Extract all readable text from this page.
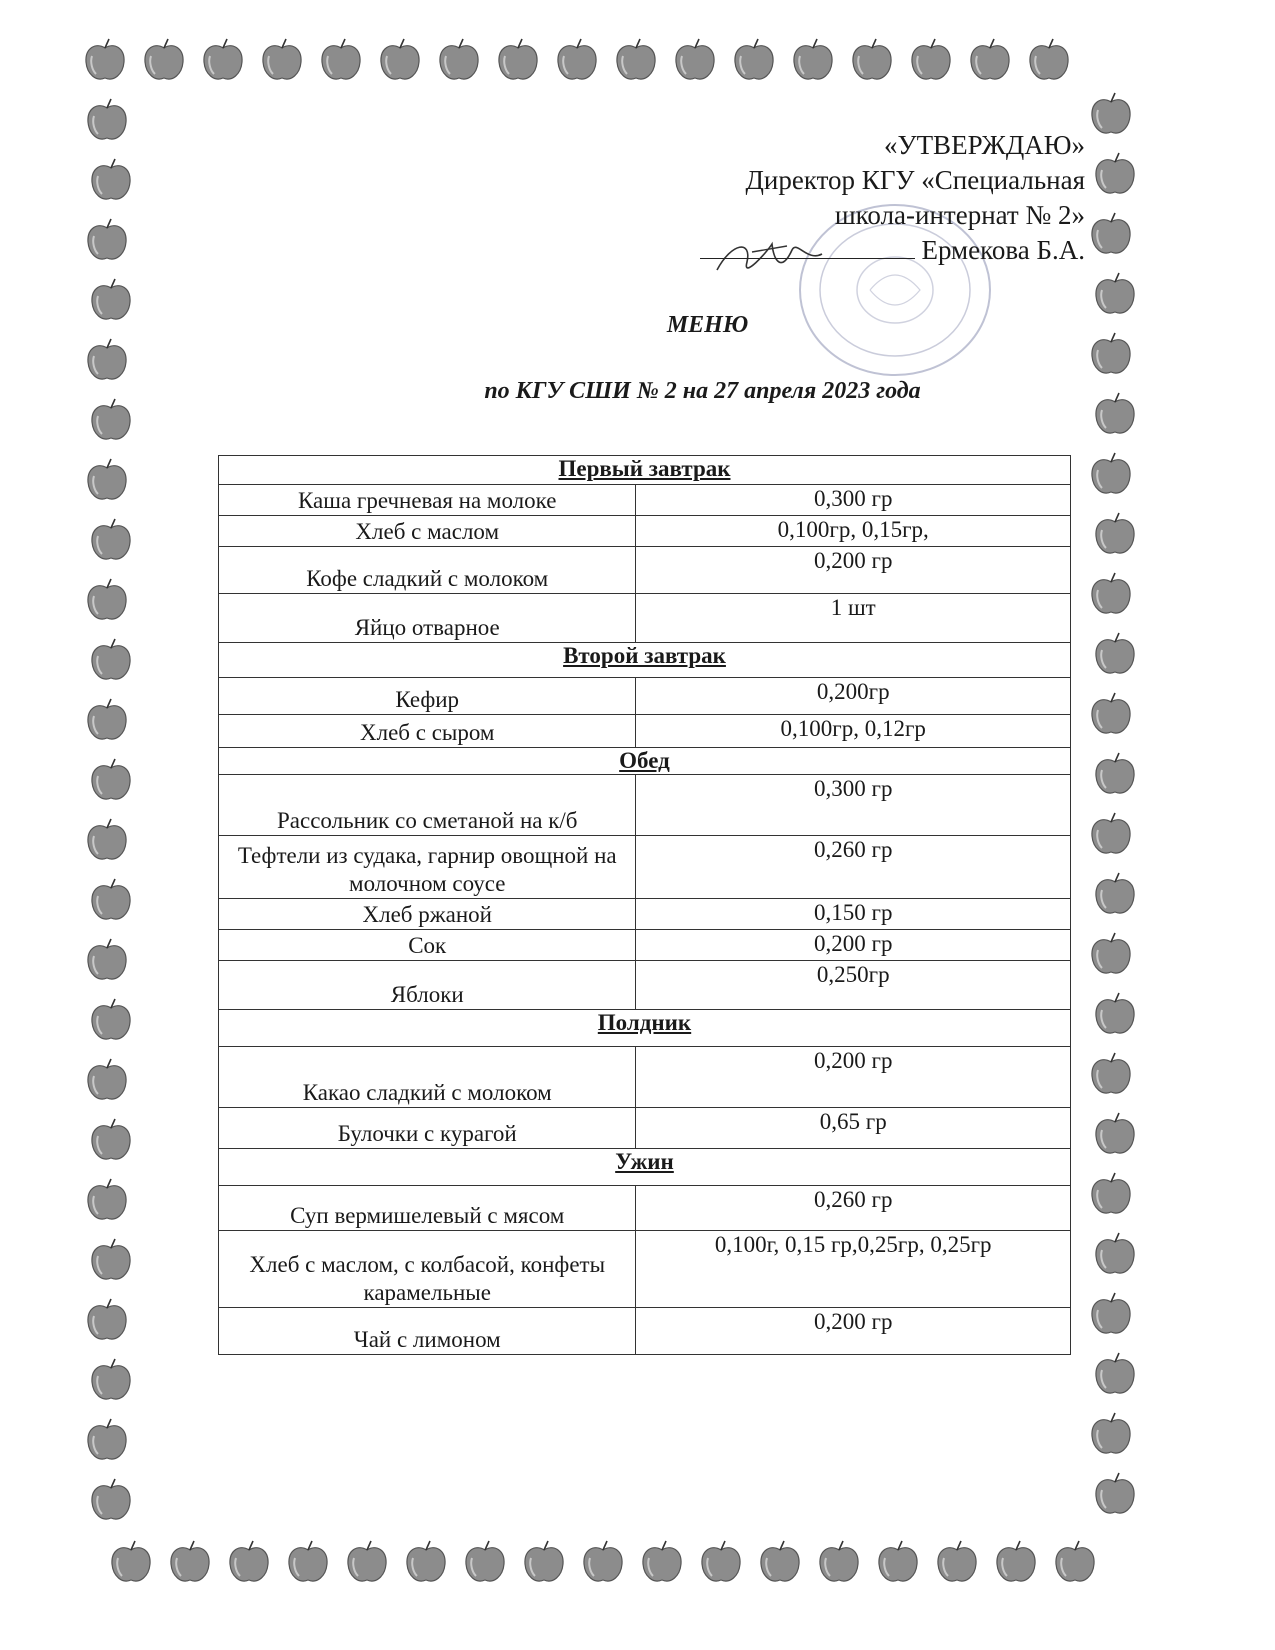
«УТВЕРЖДАЮ»
Директор КГУ «Специальная
школа-интернат № 2»
Ермекова Б.А.
МЕНЮ
по КГУ СШИ № 2 на 27 апреля 2023 года
Первый завтрак	
Каша гречневая на молоке	0,300 гр
Хлеб с маслом	0,100гр, 0,15гр,
Кофе сладкий с молоком	0,200 гр
Яйцо отварное	1 шт
Второй завтрак	
Кефир	0,200гр
Хлеб с сыром	0,100гр, 0,12гр
Обед	
Рассольник со сметаной на к/б	0,300 гр
Тефтели из судака, гарнир овощной на молочном соусе	0,260 гр
Хлеб ржаной	0,150 гр
Сок	0,200 гр
Яблоки	0,250гр
Полдник	
Какао сладкий с молоком	0,200 гр
Булочки с курагой	0,65 гр
Ужин	
Суп вермишелевый с мясом	0,260 гр
Хлеб с маслом, с колбасой, конфеты карамельные	0,100г, 0,15 гр,0,25гр, 0,25гр
Чай с лимоном	0,200 гр
